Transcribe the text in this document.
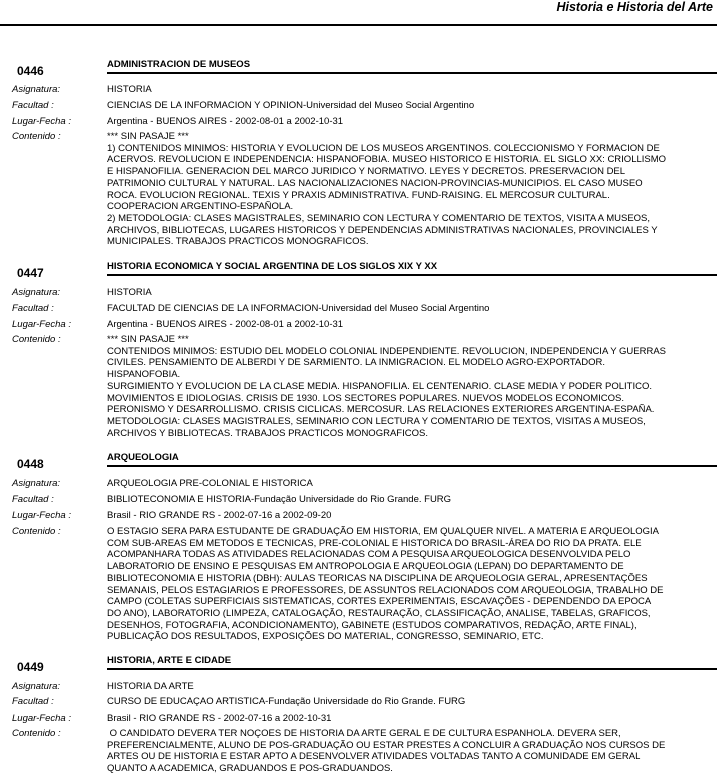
Historia e Historia del Arte
0446	ADMINISTRACION DE MUSEOS
Asignatura:	HISTORIA
Facultad :	CIENCIAS DE LA INFORMACION Y OPINION-Universidad del Museo Social Argentino
Lugar-Fecha :	Argentina - BUENOS AIRES - 2002-08-01 a 2002-10-31
Contenido :	*** SIN PASAJE ***
1) CONTENIDOS MINIMOS: HISTORIA Y EVOLUCION DE LOS MUSEOS ARGENTINOS. COLECCIONISMO Y FORMACION DE
ACERVOS. REVOLUCION E INDEPENDENCIA: HISPANOFOBIA. MUSEO HISTORICO E HISTORIA. EL SIGLO XX: CRIOLLISMO
E HISPANOFILIA. GENERACION DEL MARCO JURIDICO Y NORMATIVO. LEYES Y DECRETOS. PRESERVACION DEL
PATRIMONIO CULTURAL Y NATURAL. LAS NACIONALIZACIONES NACION-PROVINCIAS-MUNICIPIOS. EL CASO MUSEO
ROCA. EVOLUCION REGIONAL. TEXIS Y PRAXIS ADMINISTRATIVA. FUND-RAISING. EL MERCOSUR CULTURAL.
COOPERACION ARGENTINO-ESPAÑOLA.
2) METODOLOGIA: CLASES MAGISTRALES, SEMINARIO CON LECTURA Y COMENTARIO DE TEXTOS, VISITA A MUSEOS,
ARCHIVOS, BIBLIOTECAS, LUGARES HISTORICOS Y DEPENDENCIAS ADMINISTRATIVAS NACIONALES, PROVINCIALES Y
MUNICIPALES. TRABAJOS PRACTICOS MONOGRAFICOS.
0447	HISTORIA ECONOMICA Y SOCIAL ARGENTINA DE LOS SIGLOS XIX Y XX
Asignatura:	HISTORIA
Facultad :	FACULTAD DE CIENCIAS DE LA INFORMACION-Universidad del Museo Social Argentino
Lugar-Fecha :	Argentina - BUENOS AIRES - 2002-08-01 a 2002-10-31
Contenido :	*** SIN PASAJE ***
CONTENIDOS MINIMOS: ESTUDIO DEL MODELO COLONIAL INDEPENDIENTE. REVOLUCION, INDEPENDENCIA Y GUERRAS
CIVILES. PENSAMIENTO DE ALBERDI Y DE SARMIENTO. LA INMIGRACION. EL MODELO AGRO-EXPORTADOR.
HISPANOFOBIA.
SURGIMIENTO Y EVOLUCION DE LA CLASE MEDIA. HISPANOFILIA. EL CENTENARIO. CLASE MEDIA Y PODER POLITICO.
MOVIMIENTOS E IDIOLOGIAS. CRISIS DE 1930. LOS SECTORES POPULARES. NUEVOS MODELOS ECONOMICOS.
PERONISMO Y DESARROLLISMO. CRISIS CICLICAS. MERCOSUR. LAS RELACIONES EXTERIORES ARGENTINA-ESPAÑA.
METODOLOGIA: CLASES MAGISTRALES, SEMINARIO CON LECTURA Y COMENTARIO DE TEXTOS, VISITAS A MUSEOS,
ARCHIVOS Y BIBLIOTECAS. TRABAJOS PRACTICOS MONOGRAFICOS.
0448	ARQUEOLOGIA
Asignatura:	ARQUEOLOGIA PRE-COLONIAL E HISTORICA
Facultad :	BIBLIOTECONOMIA E HISTORIA-Fundação Universidade do Rio Grande. FURG
Lugar-Fecha :	Brasil - RIO GRANDE RS - 2002-07-16 a 2002-09-20
Contenido :	O ESTAGIO SERA PARA ESTUDANTE DE GRADUAÇÃO EM HISTORIA, EM QUALQUER NIVEL. A MATERIA E ARQUEOLOGIA
COM SUB-AREAS EM METODOS E TECNICAS, PRE-COLONIAL E HISTORICA DO BRASIL-ÁREA DO RIO DA PRATA. ELE
ACOMPANHARA TODAS AS ATIVIDADES RELACIONADAS COM A PESQUISA ARQUEOLOGICA DESENVOLVIDA PELO
LABORATORIO DE ENSINO E PESQUISAS EM ANTROPOLOGIA E ARQUEOLOGIA (LEPAN) DO DEPARTAMENTO DE
BIBLIOTECONOMIA E HISTORIA (DBH): AULAS TEORICAS NA DISCIPLINA DE ARQUEOLOGIA GERAL, APRESENTAÇÕES
SEMANAIS, PELOS ESTAGIARIOS E PROFESSORES, DE ASSUNTOS RELACIONADOS COM ARQUEOLOGIA, TRABALHO DE
CAMPO (COLETAS SUPERFICIAIS SISTEMATICAS, CORTES EXPERIMENTAIS, ESCAVAÇÕES - DEPENDENDO DA EPOCA
DO ANO), LABORATORIO (LIMPEZA, CATALOGAÇÃO, RESTAURAÇÃO, CLASSIFICAÇÃO, ANALISE, TABELAS, GRAFICOS,
DESENHOS, FOTOGRAFIA, ACONDICIONAMENTO), GABINETE (ESTUDOS COMPARATIVOS, REDAÇÃO, ARTE FINAL),
PUBLICAÇÃO DOS RESULTADOS, EXPOSIÇÕES DO MATERIAL, CONGRESSO, SEMINARIO, ETC.
0449	HISTORIA, ARTE E CIDADE
Asignatura:	HISTORIA DA ARTE
Facultad :	CURSO DE EDUCAÇAO ARTISTICA-Fundação Universidade do Rio Grande. FURG
Lugar-Fecha :	Brasil - RIO GRANDE RS - 2002-07-16 a 2002-10-31
Contenido :	O CANDIDATO DEVERA TER NOÇOES DE HISTORIA DA ARTE GERAL E DE CULTURA ESPANHOLA. DEVERA SER,
PREFERENCIALMENTE, ALUNO DE POS-GRADUAÇÃO OU ESTAR PRESTES A CONCLUIR A GRADUAÇÃO NOS CURSOS DE
ARTES OU DE HISTORIA E ESTAR APTO A DESENVOLVER ATIVIDADES VOLTADAS TANTO A COMUNIDADE EM GERAL
QUANTO A ACADEMICA, GRADUANDOS E POS-GRADUANDOS.
